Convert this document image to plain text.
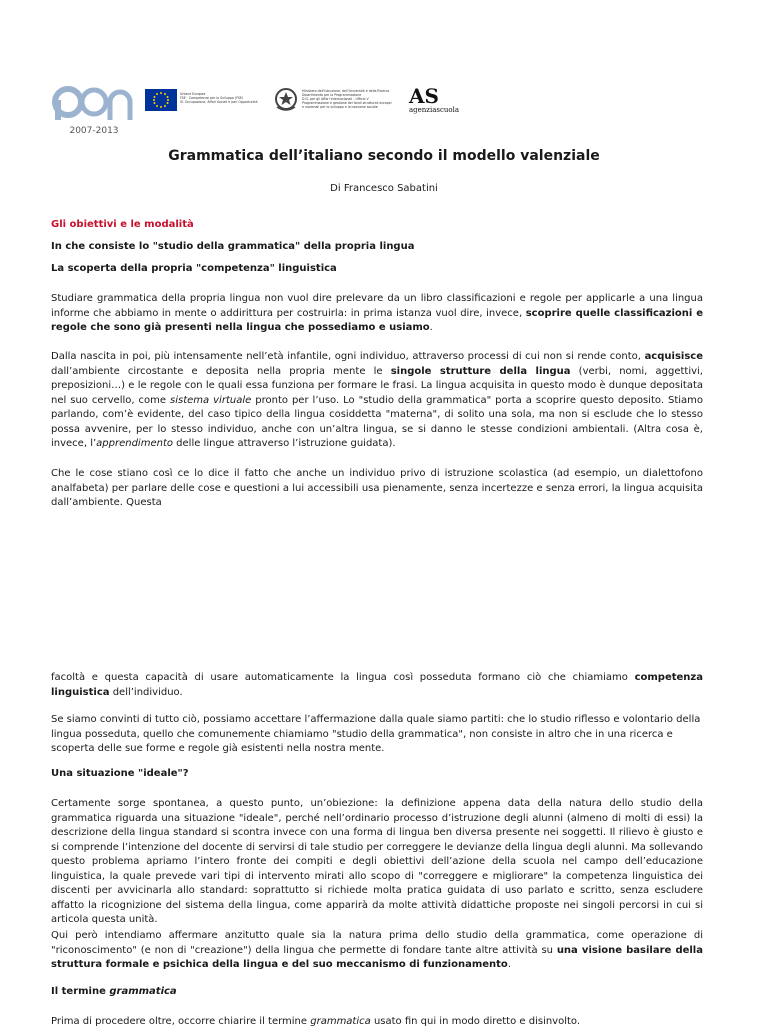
2007-2013
Unione Europea
FSE · Competenze per lo Sviluppo (FSE)
III. Occupazione, Affari Sociali e pari Opportunità
Ministero dell'Istruzione, dell'Università e della Ricerca
Dipartimento per la Programmazione
D.G. per gli Affari Internazionali - Ufficio V
Programmazione e gestione dei fondi strutturali europei
e nazionali per lo sviluppo e la coesione sociale	AS
agenziascuola
Grammatica dell’italiano secondo il modello valenziale
Di Francesco Sabatini
Gli obiettivi e le modalità
In che consiste lo "studio della grammatica" della propria lingua
La scoperta della propria "competenza" linguistica

Studiare grammatica della propria lingua non vuol dire prelevare da un libro classificazioni e regole per applicarle a una lingua informe che abbiamo in mente o addirittura per costruirla: in prima istanza vuol dire, invece, scoprire quelle classificazioni e regole che sono già presenti nella lingua che possediamo e usiamo.

Dalla nascita in poi, più intensamente nell’età infantile, ogni individuo, attraverso processi di cui non si rende conto, acquisisce dall’ambiente circostante e deposita nella propria mente le singole strutture della lingua (verbi, nomi, aggettivi, preposizioni…) e le regole con le quali essa funziona per formare le frasi. La lingua acquisita in questo modo è dunque depositata nel suo cervello, come sistema virtuale pronto per l’uso. Lo "studio della grammatica" porta a scoprire questo deposito. Stiamo parlando, com’è evidente, del caso tipico della lingua cosiddetta "materna", di solito una sola, ma non si esclude che lo stesso possa avvenire, per lo stesso individuo, anche con un’altra lingua, se si danno le stesse condizioni ambientali. (Altra cosa è, invece, l’apprendimento delle lingue attraverso l’istruzione guidata).

Che le cose stiano così ce lo dice il fatto che anche un individuo privo di istruzione scolastica (ad esempio, un dialettofono analfabeta) per parlare delle cose e questioni a lui accessibili usa pienamente, senza incertezze e senza errori, la lingua acquisita dall’ambiente. Questa

facoltà e questa capacità di usare automaticamente la lingua così posseduta formano ciò che chiamiamo competenza linguistica dell’individuo.

Se siamo convinti di tutto ciò, possiamo accettare l’affermazione dalla quale siamo partiti: che lo studio riflesso e volontario della lingua posseduta, quello che comunemente chiamiamo "studio della grammatica", non consiste in altro che in una ricerca e scoperta delle sue forme e regole già esistenti nella nostra mente.

Una situazione "ideale"?

Certamente sorge spontanea, a questo punto, un’obiezione: la definizione appena data della natura dello studio della grammatica riguarda una situazione "ideale", perché nell’ordinario processo d’istruzione degli alunni (almeno di molti di essi) la descrizione della lingua standard si scontra invece con una forma di lingua ben diversa presente nei soggetti. Il rilievo è giusto e si comprende l’intenzione del docente di servirsi di tale studio per correggere le devianze della lingua degli alunni. Ma sollevando questo problema apriamo l’intero fronte dei compiti e degli obiettivi dell’azione della scuola nel campo dell’educazione linguistica, la quale prevede vari tipi di intervento mirati allo scopo di "correggere e migliorare" la competenza linguistica dei discenti per avvicinarla allo standard: soprattutto si richiede molta pratica guidata di uso parlato e scritto, senza escludere affatto la ricognizione del sistema della lingua, come apparirà da molte attività didattiche proposte nei singoli percorsi in cui si articola questa unità.

Qui però intendiamo affermare anzitutto quale sia la natura prima dello studio della grammatica, come operazione di "riconoscimento" (e non di "creazione") della lingua che permette di fondare tante altre attività su una visione basilare della struttura formale e psichica della lingua e del suo meccanismo di funzionamento.

Il termine grammatica

Prima di procedere oltre, occorre chiarire il termine grammatica usato fin qui in modo diretto e disinvolto.
